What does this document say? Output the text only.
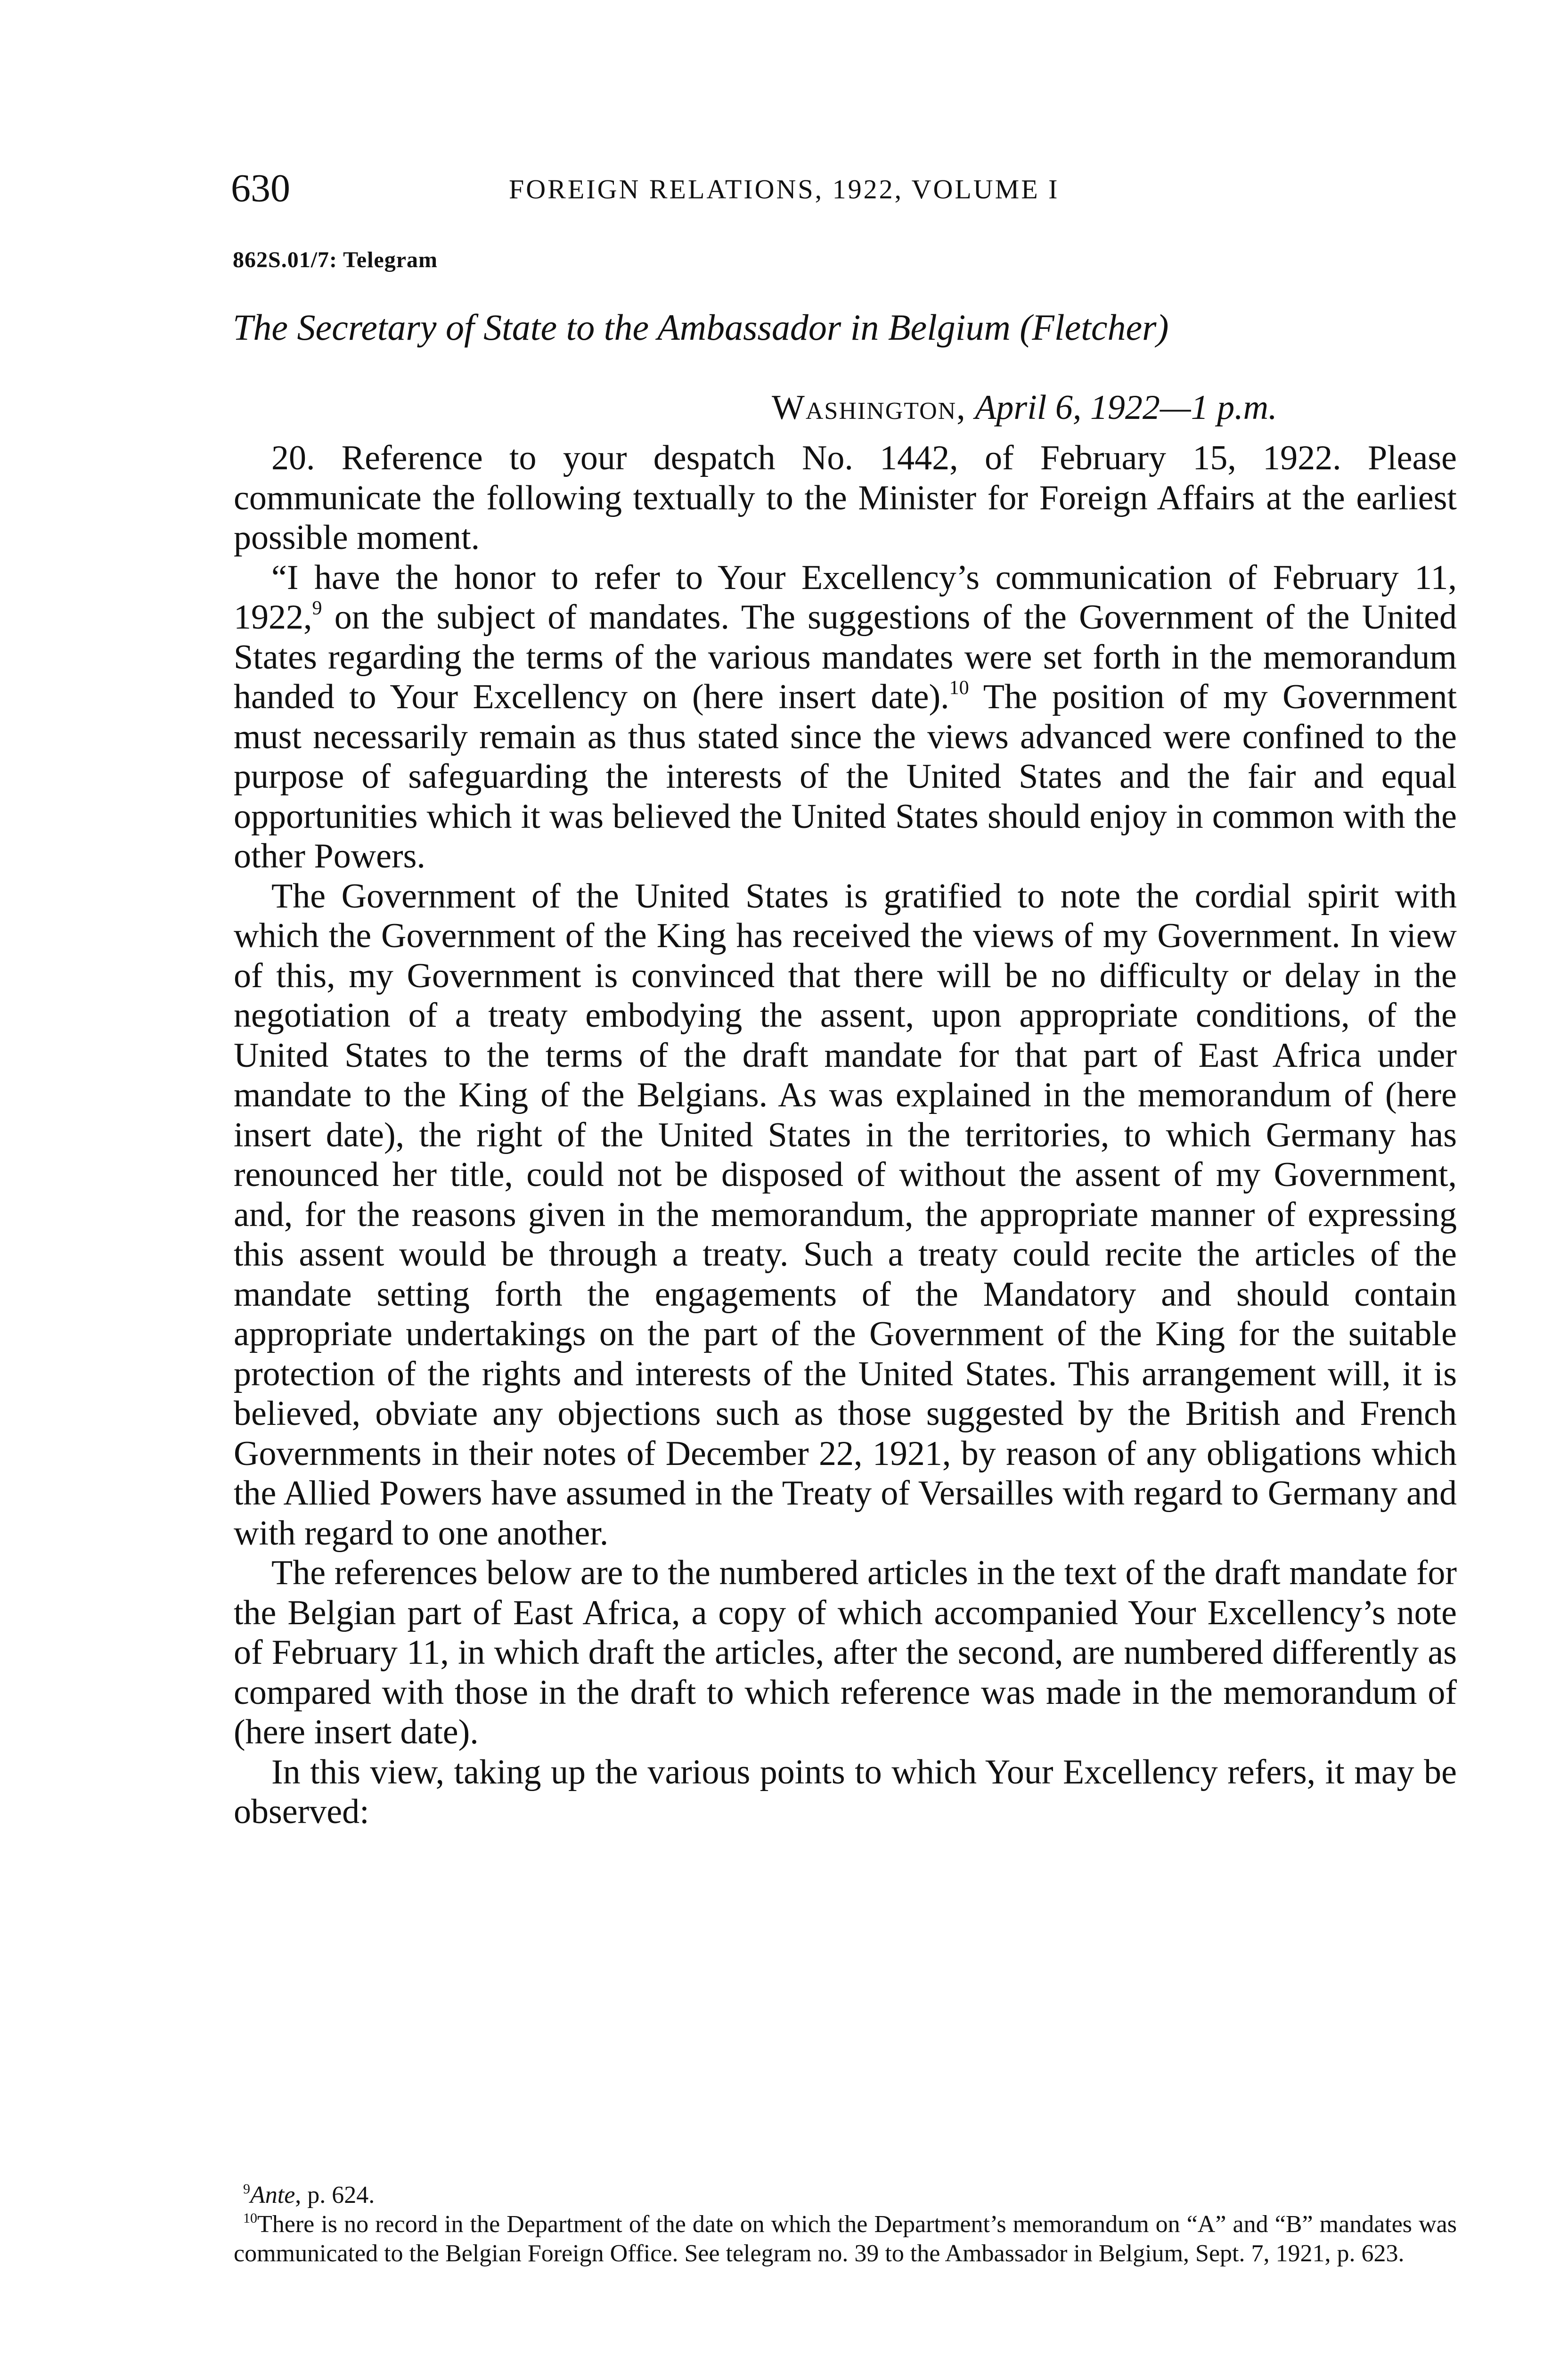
630	FOREIGN RELATIONS, 1922, VOLUME I
862S.01/7: Telegram
The Secretary of State to the Ambassador in Belgium (Fletcher)
Washington, April 6, 1922—1 p.m.

20. Reference to your despatch No. 1442, of February 15, 1922. Please communicate the following textually to the Minister for Foreign Affairs at the earliest possible moment.

“I have the honor to refer to Your Excellency’s communication of February 11, 1922,$^9$ on the subject of mandates. The suggestions of the Government of the United States regarding the terms of the various mandates were set forth in the memorandum handed to Your Excellency on (here insert date).$^{10}$ The position of my Government must necessarily remain as thus stated since the views advanced were confined to the purpose of safeguarding the interests of the United States and the fair and equal opportunities which it was believed the United States should enjoy in common with the other Powers.

The Government of the United States is gratified to note the cordial spirit with which the Government of the King has received the views of my Government. In view of this, my Government is convinced that there will be no difficulty or delay in the negotiation of a treaty embodying the assent, upon appropriate conditions, of the United States to the terms of the draft mandate for that part of East Africa under mandate to the King of the Belgians. As was explained in the memorandum of (here insert date), the right of the United States in the territories, to which Germany has renounced her title, could not be disposed of without the assent of my Government, and, for the reasons given in the memorandum, the appropriate manner of expressing this assent would be through a treaty. Such a treaty could recite the articles of the mandate setting forth the engagements of the Mandatory and should contain appropriate undertakings on the part of the Government of the King for the suitable protection of the rights and interests of the United States. This arrangement will, it is believed, obviate any objections such as those suggested by the British and French Governments in their notes of December 22, 1921, by reason of any obligations which the Allied Powers have assumed in the Treaty of Versailles with regard to Germany and with regard to one another.

The references below are to the numbered articles in the text of the draft mandate for the Belgian part of East Africa, a copy of which accompanied Your Excellency’s note of February 11, in which draft the articles, after the second, are numbered differently as compared with those in the draft to which reference was made in the memorandum of (here insert date).

In this view, taking up the various points to which Your Excellency refers, it may be observed:

$^9$Ante, p. 624.

$^{10}$There is no record in the Department of the date on which the Department’s memorandum on “A” and “B” mandates was communicated to the Belgian Foreign Office. See telegram no. 39 to the Ambassador in Belgium, Sept. 7, 1921, p. 623.
